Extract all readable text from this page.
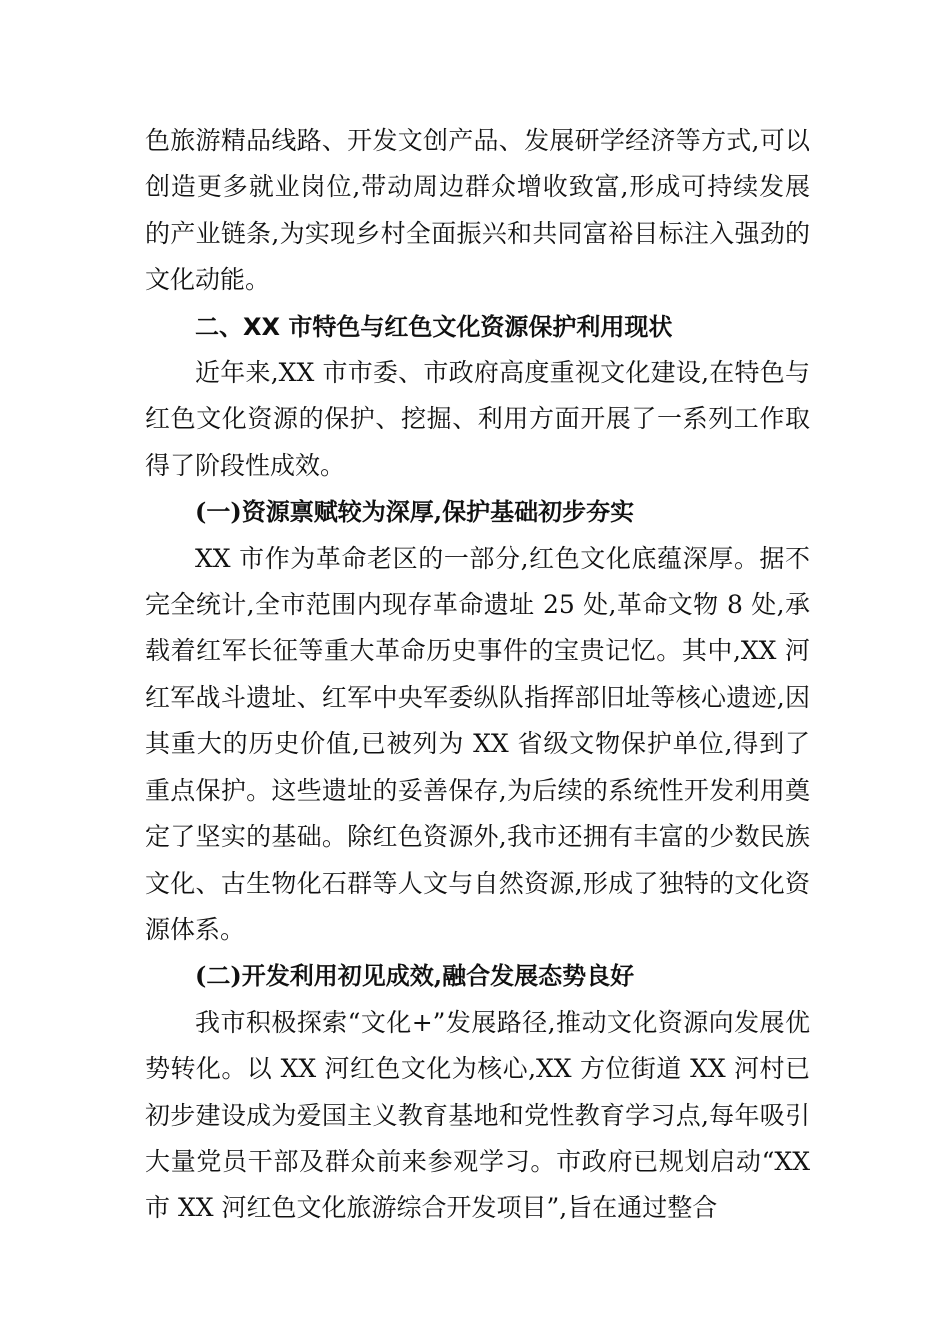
色旅游精品线路、开发文创产品、发展研学经济等方式,可以创造更多就业岗位,带动周边群众增收致富,形成可持续发展的产业链条,为实现乡村全面振兴和共同富裕目标注入强劲的文化动能。

二、XX 市特色与红色文化资源保护利用现状

近年来,XX 市市委、市政府高度重视文化建设,在特色与红色文化资源的保护、挖掘、利用方面开展了一系列工作取得了阶段性成效。

(一)资源禀赋较为深厚,保护基础初步夯实

XX 市作为革命老区的一部分,红色文化底蕴深厚。据不完全统计,全市范围内现存革命遗址 25 处,革命文物 8 处,承载着红军长征等重大革命历史事件的宝贵记忆。其中,XX 河红军战斗遗址、红军中央军委纵队指挥部旧址等核心遗迹,因其重大的历史价值,已被列为 XX 省级文物保护单位,得到了重点保护。这些遗址的妥善保存,为后续的系统性开发利用奠定了坚实的基础。除红色资源外,我市还拥有丰富的少数民族文化、古生物化石群等人文与自然资源,形成了独特的文化资源体系。

(二)开发利用初见成效,融合发展态势良好

我市积极探索“文化+”发展路径,推动文化资源向发展优势转化。以 XX 河红色文化为核心,XX 方位街道 XX 河村已初步建设成为爱国主义教育基地和党性教育学习点,每年吸引大量党员干部及群众前来参观学习。市政府已规划启动“XX 市 XX 河红色文化旅游综合开发项目”,旨在通过整合
